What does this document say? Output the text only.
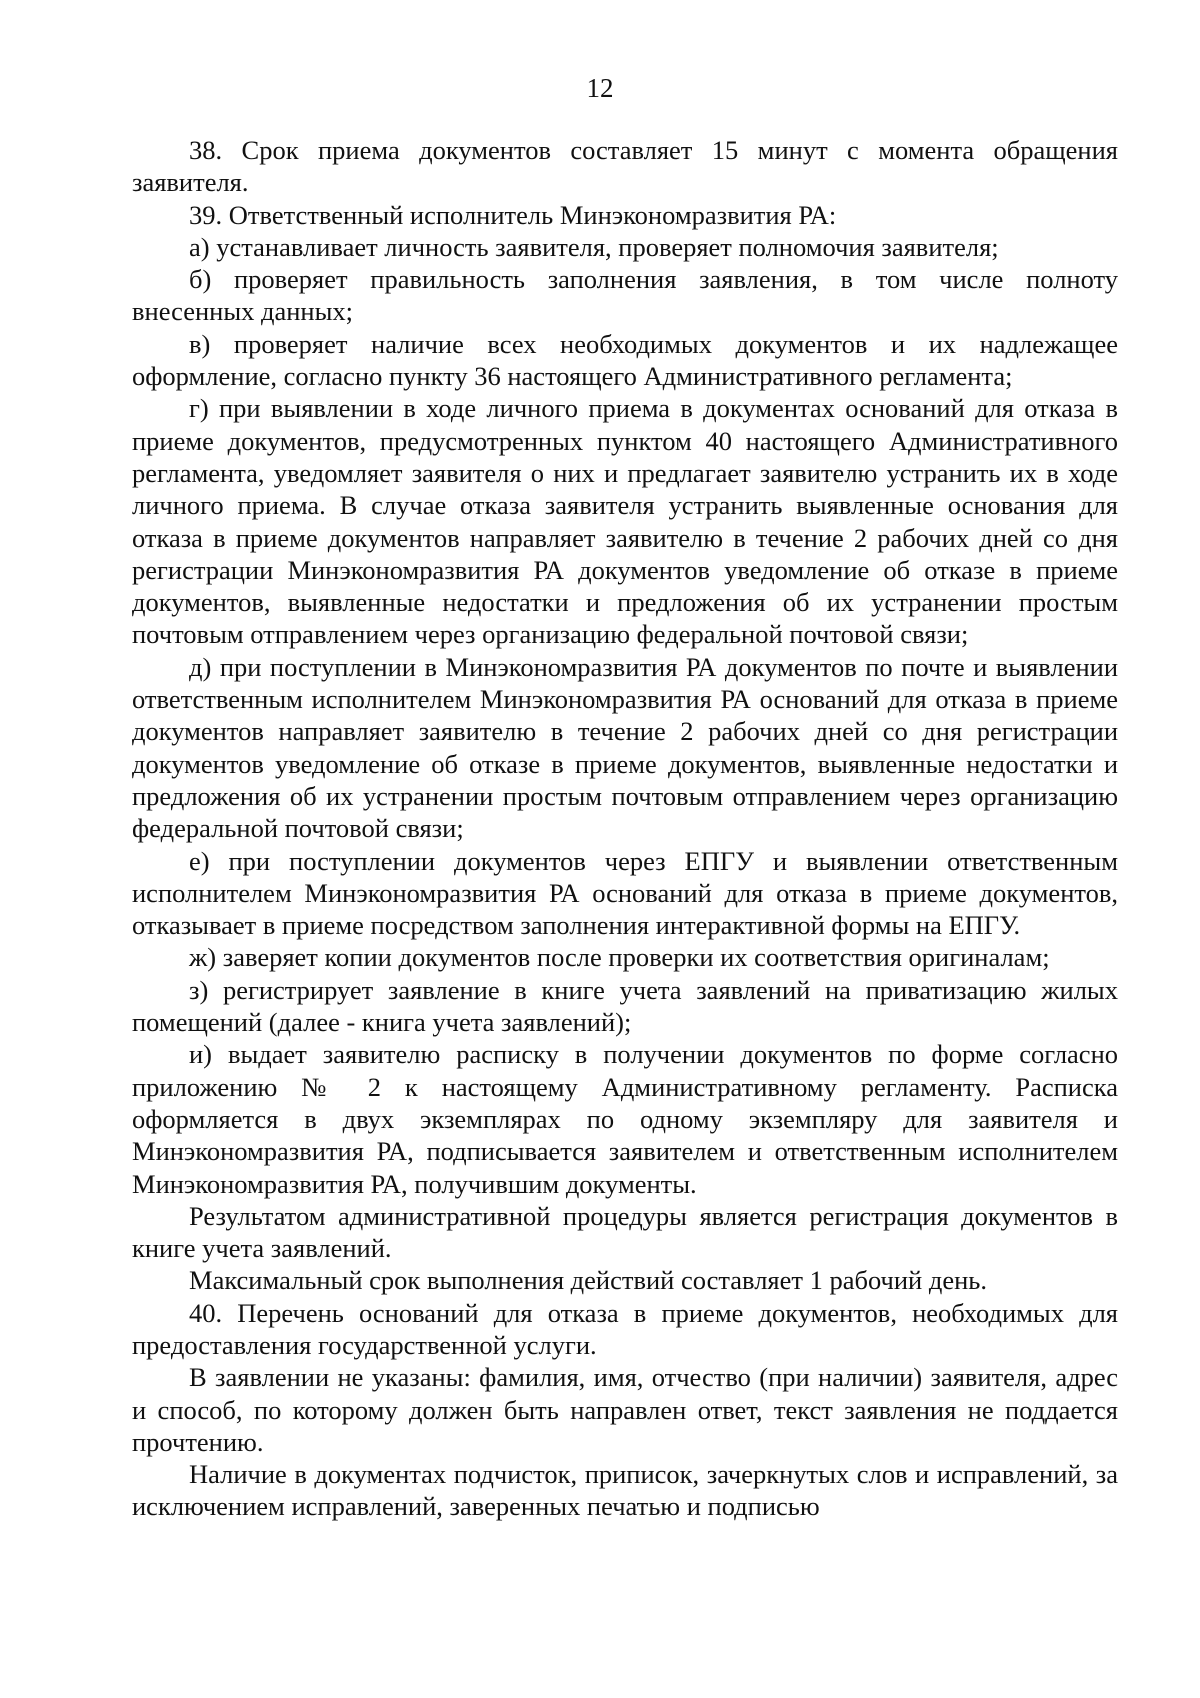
12

38. Срок приема документов составляет 15 минут с момента обращения заявителя.

39. Ответственный исполнитель Минэкономразвития РА:

а) устанавливает личность заявителя, проверяет полномочия заявителя;

б) проверяет правильность заполнения заявления, в том числе полноту внесенных данных;

в) проверяет наличие всех необходимых документов и их надлежащее оформление, согласно пункту 36 настоящего Административного регламента;

г) при выявлении в ходе личного приема в документах оснований для отказа в приеме документов, предусмотренных пунктом 40 настоящего Административного регламента, уведомляет заявителя о них и предлагает заявителю устранить их в ходе личного приема. В случае отказа заявителя устранить выявленные основания для отказа в приеме документов направляет заявителю в течение 2 рабочих дней со дня регистрации Минэкономразвития РА документов уведомление об отказе в приеме документов, выявленные недостатки и предложения об их устранении простым почтовым отправлением через организацию федеральной почтовой связи;

д) при поступлении в Минэкономразвития РА документов по почте и выявлении ответственным исполнителем Минэкономразвития РА оснований для отказа в приеме документов направляет заявителю в течение 2 рабочих дней со дня регистрации документов уведомление об отказе в приеме документов, выявленные недостатки и предложения об их устранении простым почтовым отправлением через организацию федеральной почтовой связи;

е) при поступлении документов через ЕПГУ и выявлении ответственным исполнителем Минэкономразвития РА оснований для отказа в приеме документов, отказывает в приеме посредством заполнения интерактивной формы на ЕПГУ.

ж) заверяет копии документов после проверки их соответствия оригиналам;

з) регистрирует заявление в книге учета заявлений на приватизацию жилых помещений (далее - книга учета заявлений);

и) выдает заявителю расписку в получении документов по форме согласно приложению № 2 к настоящему Административному регламенту. Расписка оформляется в двух экземплярах по одному экземпляру для заявителя и Минэкономразвития РА, подписывается заявителем и ответственным исполнителем Минэкономразвития РА, получившим документы.

Результатом административной процедуры является регистрация документов в книге учета заявлений.

Максимальный срок выполнения действий составляет 1 рабочий день.

40. Перечень оснований для отказа в приеме документов, необходимых для предоставления государственной услуги.

В заявлении не указаны: фамилия, имя, отчество (при наличии) заявителя, адрес и способ, по которому должен быть направлен ответ, текст заявления не поддается прочтению.

Наличие в документах подчисток, приписок, зачеркнутых слов и исправлений, за исключением исправлений, заверенных печатью и подписью
